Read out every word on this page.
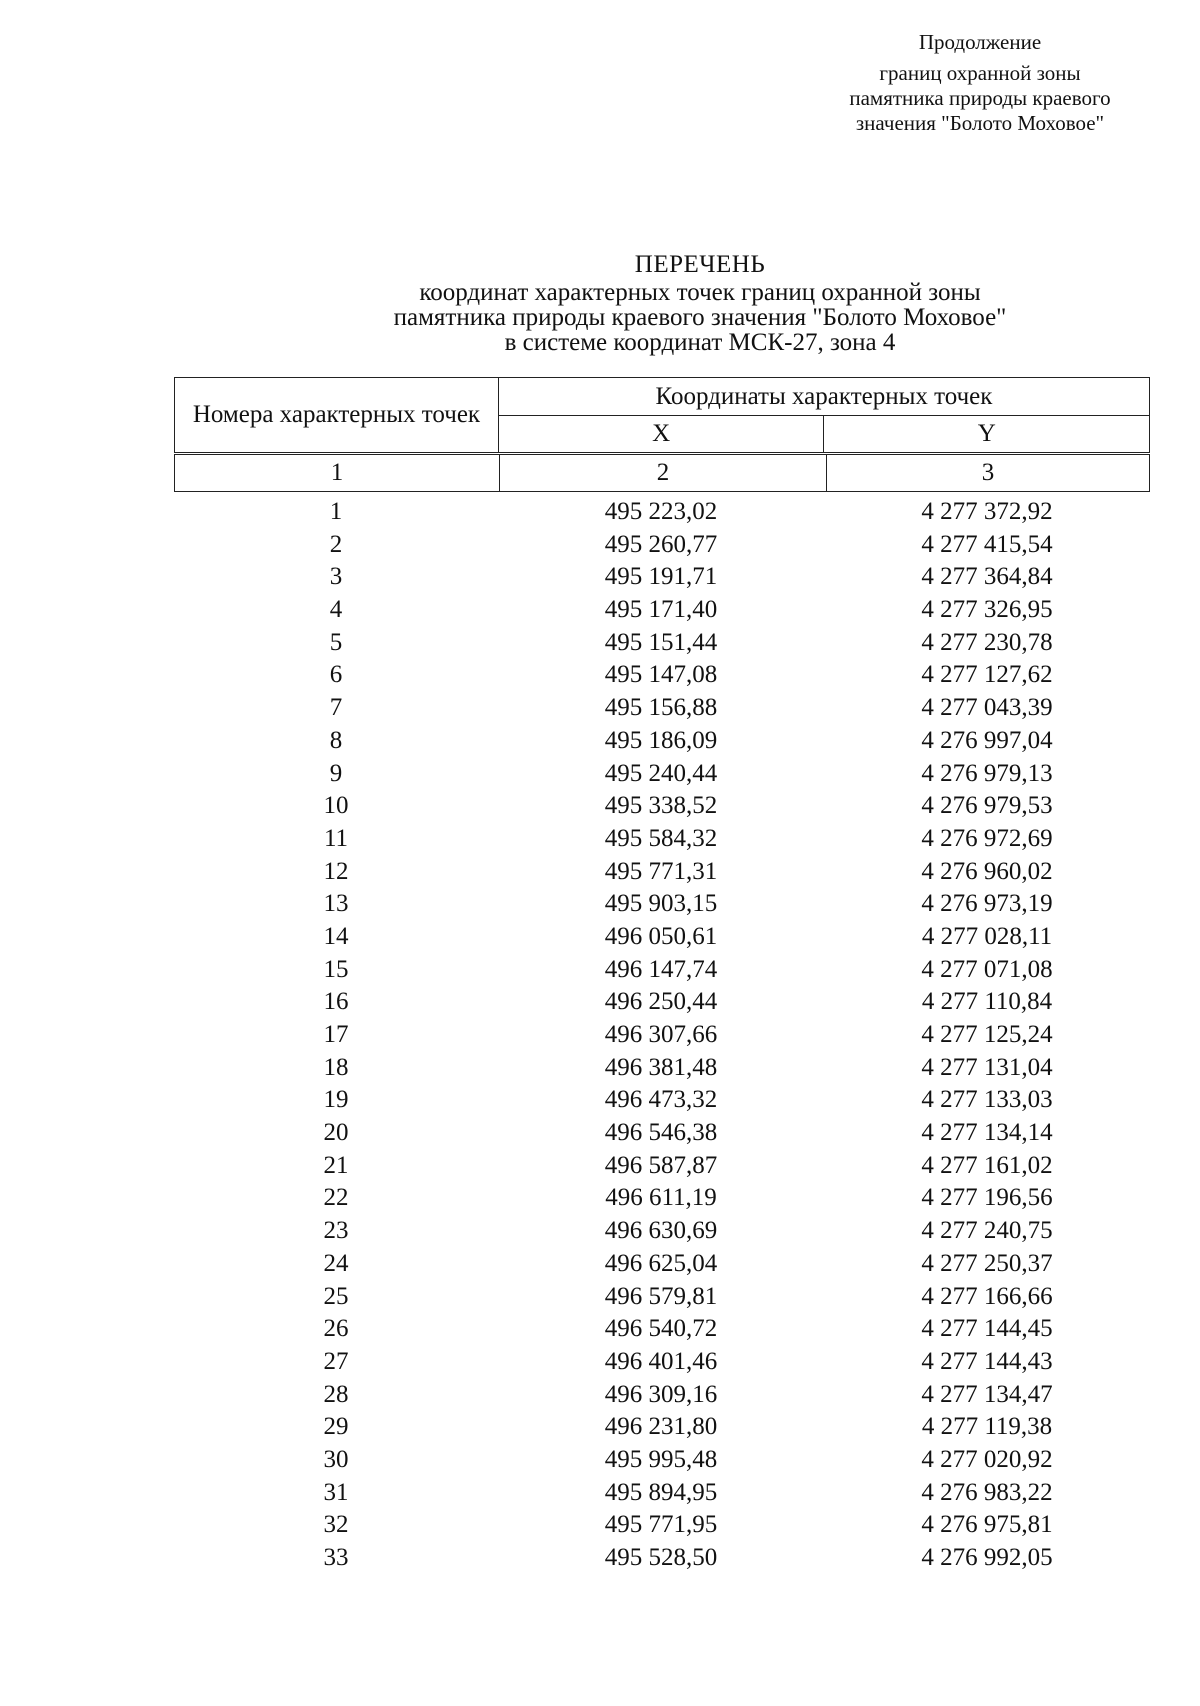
Продолжение
границ охранной зоны
памятника природы краевого
значения "Болото Моховое"
ПЕРЕЧЕНЬ
координат характерных точек границ охранной зоны
памятника природы краевого значения "Болото Моховое"
в системе координат МСК-27, зона 4
Номера характерных точек	Координаты характерных точек	
	X	Y
1	2	3
1	495 223,02	4 277 372,92
2	495 260,77	4 277 415,54
3	495 191,71	4 277 364,84
4	495 171,40	4 277 326,95
5	495 151,44	4 277 230,78
6	495 147,08	4 277 127,62
7	495 156,88	4 277 043,39
8	495 186,09	4 276 997,04
9	495 240,44	4 276 979,13
10	495 338,52	4 276 979,53
11	495 584,32	4 276 972,69
12	495 771,31	4 276 960,02
13	495 903,15	4 276 973,19
14	496 050,61	4 277 028,11
15	496 147,74	4 277 071,08
16	496 250,44	4 277 110,84
17	496 307,66	4 277 125,24
18	496 381,48	4 277 131,04
19	496 473,32	4 277 133,03
20	496 546,38	4 277 134,14
21	496 587,87	4 277 161,02
22	496 611,19	4 277 196,56
23	496 630,69	4 277 240,75
24	496 625,04	4 277 250,37
25	496 579,81	4 277 166,66
26	496 540,72	4 277 144,45
27	496 401,46	4 277 144,43
28	496 309,16	4 277 134,47
29	496 231,80	4 277 119,38
30	495 995,48	4 277 020,92
31	495 894,95	4 276 983,22
32	495 771,95	4 276 975,81
33	495 528,50	4 276 992,05
